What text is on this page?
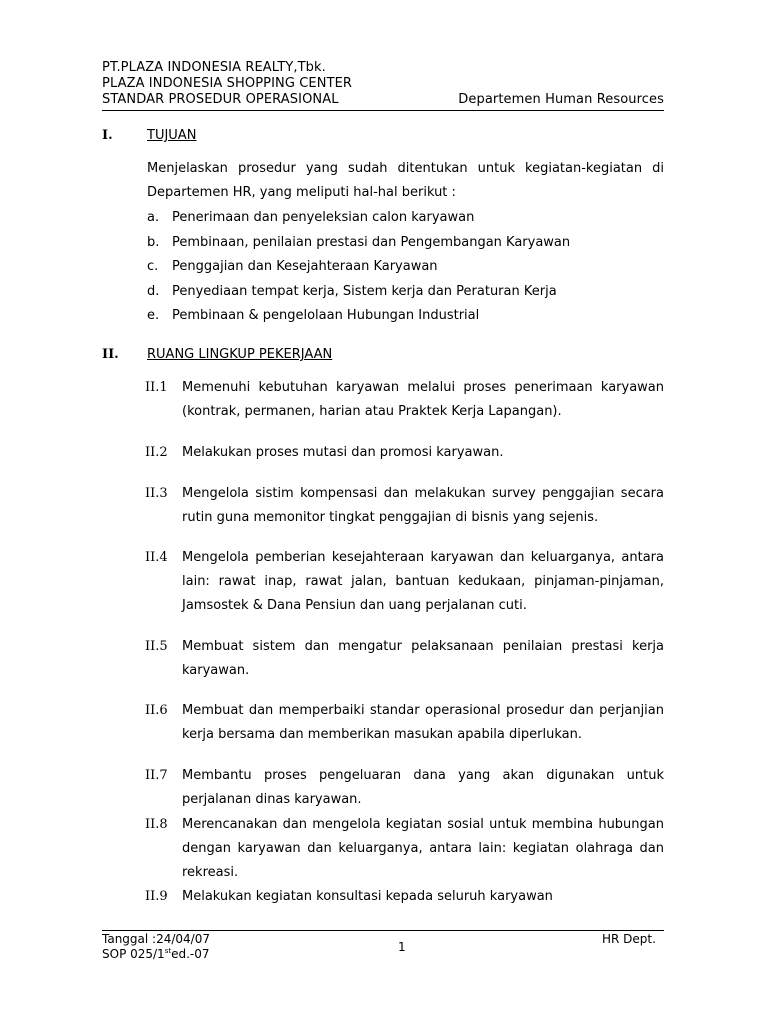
PT.PLAZA INDONESIA REALTY,Tbk.
PLAZA INDONESIA SHOPPING CENTER
STANDAR PROSEDUR OPERASIONAL	Departemen Human Resources
I.	TUJUAN
Menjelaskan prosedur yang sudah ditentukan untuk kegiatan-kegiatan di Departemen HR, yang meliputi hal-hal berikut :
a. Penerimaan dan penyeleksian calon karyawan
b. Pembinaan, penilaian prestasi dan Pengembangan Karyawan
c.	Penggajian dan Kesejahteraan Karyawan
d. Penyediaan tempat kerja, Sistem kerja dan Peraturan Kerja
e. Pembinaan & pengelolaan Hubungan Industrial
II.	RUANG LINGKUP PEKERJAAN
II.1	Memenuhi kebutuhan karyawan melalui proses penerimaan karyawan (kontrak, permanen, harian atau Praktek Kerja Lapangan).
II.2	Melakukan proses mutasi dan promosi karyawan.
II.3	Mengelola sistim kompensasi dan melakukan survey penggajian secara rutin guna memonitor tingkat penggajian di bisnis yang sejenis.
II.4	Mengelola pemberian kesejahteraan karyawan dan keluarganya, antara lain: rawat inap, rawat jalan, bantuan kedukaan, pinjaman-pinjaman, Jamsostek & Dana Pensiun dan uang perjalanan cuti.
II.5	Membuat sistem dan mengatur pelaksanaan penilaian prestasi kerja karyawan.
II.6	Membuat dan memperbaiki standar operasional prosedur dan perjanjian kerja bersama dan memberikan masukan apabila diperlukan.
II.7	Membantu proses pengeluaran dana yang akan digunakan untuk perjalanan dinas karyawan.
II.8	Merencanakan dan mengelola kegiatan sosial untuk membina hubungan dengan karyawan dan keluarganya, antara lain: kegiatan olahraga dan rekreasi.
II.9	Melakukan kegiatan konsultasi kepada seluruh karyawan
Tanggal :24/04/07
SOP 025/1sted.-07	1
HR Dept.
